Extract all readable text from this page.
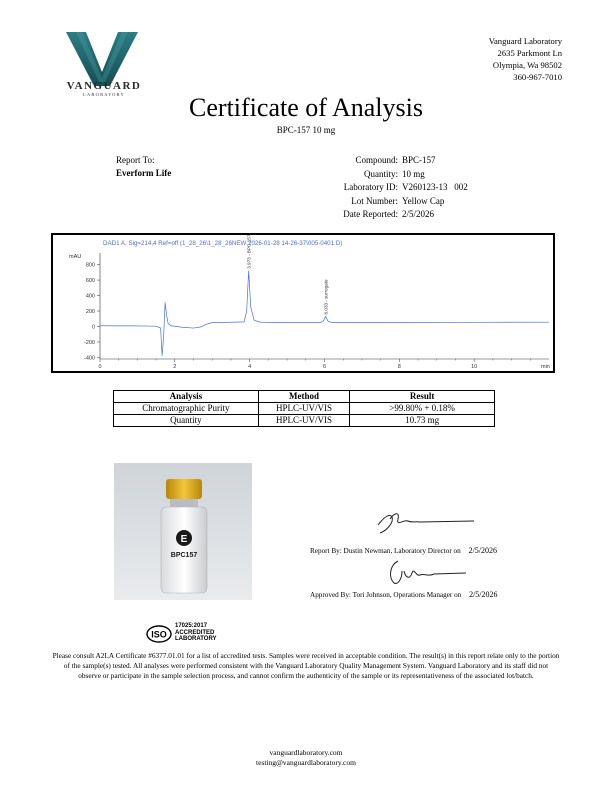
VANGUARD
LABORATORY
Vanguard Laboratory
2635 Parkmont Ln
Olympia, Wa 98502
360-967-7010
Certificate of Analysis
BPC-157 10 mg
Report To:
Everform Life
Compound: BPC-157
Quantity: 10 mg
Laboratory ID: V260123-13   002
Lot Number: Yellow Cap
Date Reported: 2/5/2026
DAD1 A, Sig=214,4 Ref=off (1_28_26\1_28_26NEW 2026-01-28 14-26-37\005-0401.D)
mAU
min
-400
-200
0
200
400
600
800
0	2	4	6	8	10
3.973 - BPC-157
6.033 - surrogate
Analysis	Method	Result
Chromatographic Purity	HPLC-UV/VIS	>99.80% + 0.18%
Quantity	HPLC-UV/VIS	10.73 mg
E
BPC157
Report By: Dustin Newman, Laboratory Director on 2/5/2026
Approved By: Tori Johnson, Operations Manager on 2/5/2026
ISO
17025:2017
ACCREDITED
LABORATORY
Please consult A2LA Certificate #6377.01.01 for a list of accredited tests. Samples were received in acceptable condition. The result(s) in this report relate only to the portion of the sample(s) tested. All analyses were performed consistent with the Vanguard Laboratory Quality Management System. Vanguard Laboratory and its staff did not observe or participate in the sample selection process, and cannot confirm the authenticity of the sample or its representativeness of the associated lot/batch.
vanguardlaboratory.com
testing@vanguardlaboratory.com
